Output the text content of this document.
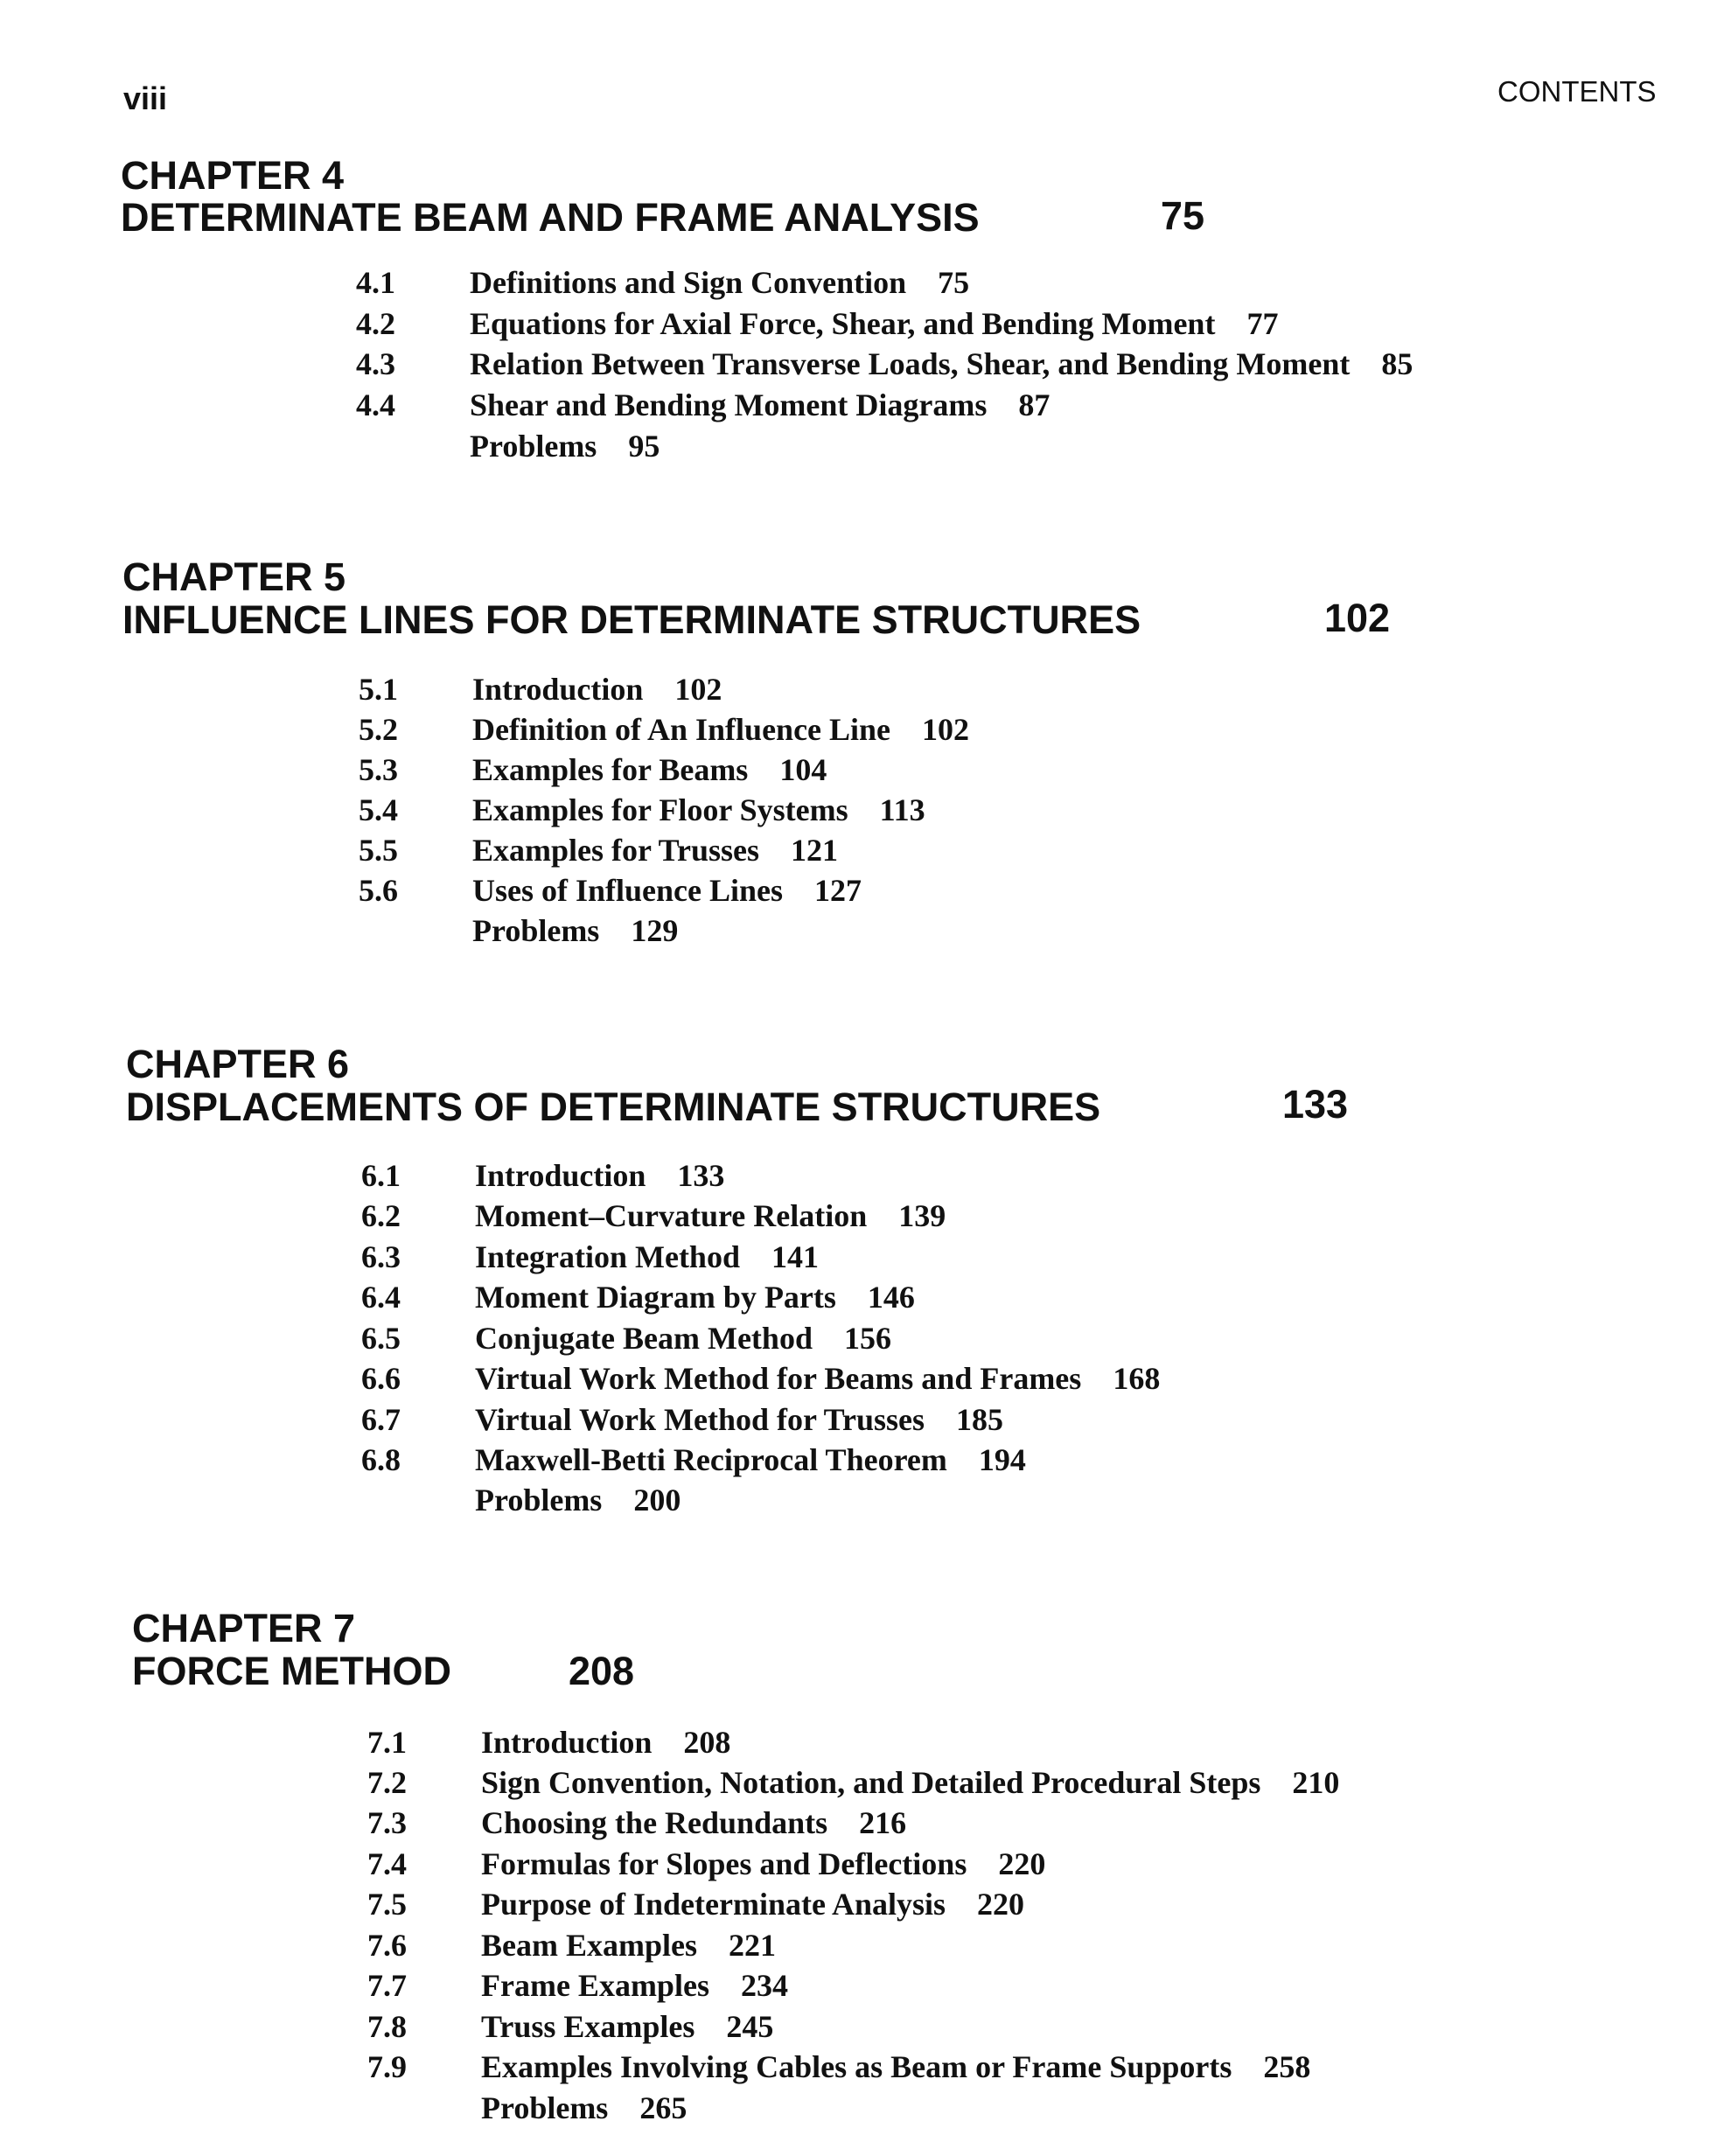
viii	CONTENTS
CHAPTER 4
DETERMINATE BEAM AND FRAME ANALYSIS	75
4.1 Definitions and Sign Convention 75
4.2 Equations for Axial Force, Shear, and Bending Moment 77
4.3 Relation Between Transverse Loads, Shear, and Bending Moment 85
4.4 Shear and Bending Moment Diagrams 87
Problems 95
CHAPTER 5
INFLUENCE LINES FOR DETERMINATE STRUCTURES	102
5.1 Introduction 102
5.2 Definition of An Influence Line 102
5.3 Examples for Beams 104
5.4 Examples for Floor Systems 113
5.5 Examples for Trusses 121
5.6 Uses of Influence Lines 127
Problems 129
CHAPTER 6
DISPLACEMENTS OF DETERMINATE STRUCTURES	133
6.1 Introduction 133
6.2 Moment–Curvature Relation 139
6.3 Integration Method 141
6.4 Moment Diagram by Parts 146
6.5 Conjugate Beam Method 156
6.6 Virtual Work Method for Beams and Frames 168
6.7 Virtual Work Method for Trusses 185
6.8 Maxwell-Betti Reciprocal Theorem 194
Problems 200
CHAPTER 7
FORCE METHOD	208
7.1 Introduction 208
7.2 Sign Convention, Notation, and Detailed Procedural Steps 210
7.3 Choosing the Redundants 216
7.4 Formulas for Slopes and Deflections 220
7.5 Purpose of Indeterminate Analysis 220
7.6 Beam Examples 221
7.7 Frame Examples 234
7.8 Truss Examples 245
7.9 Examples Involving Cables as Beam or Frame Supports 258
Problems 265
